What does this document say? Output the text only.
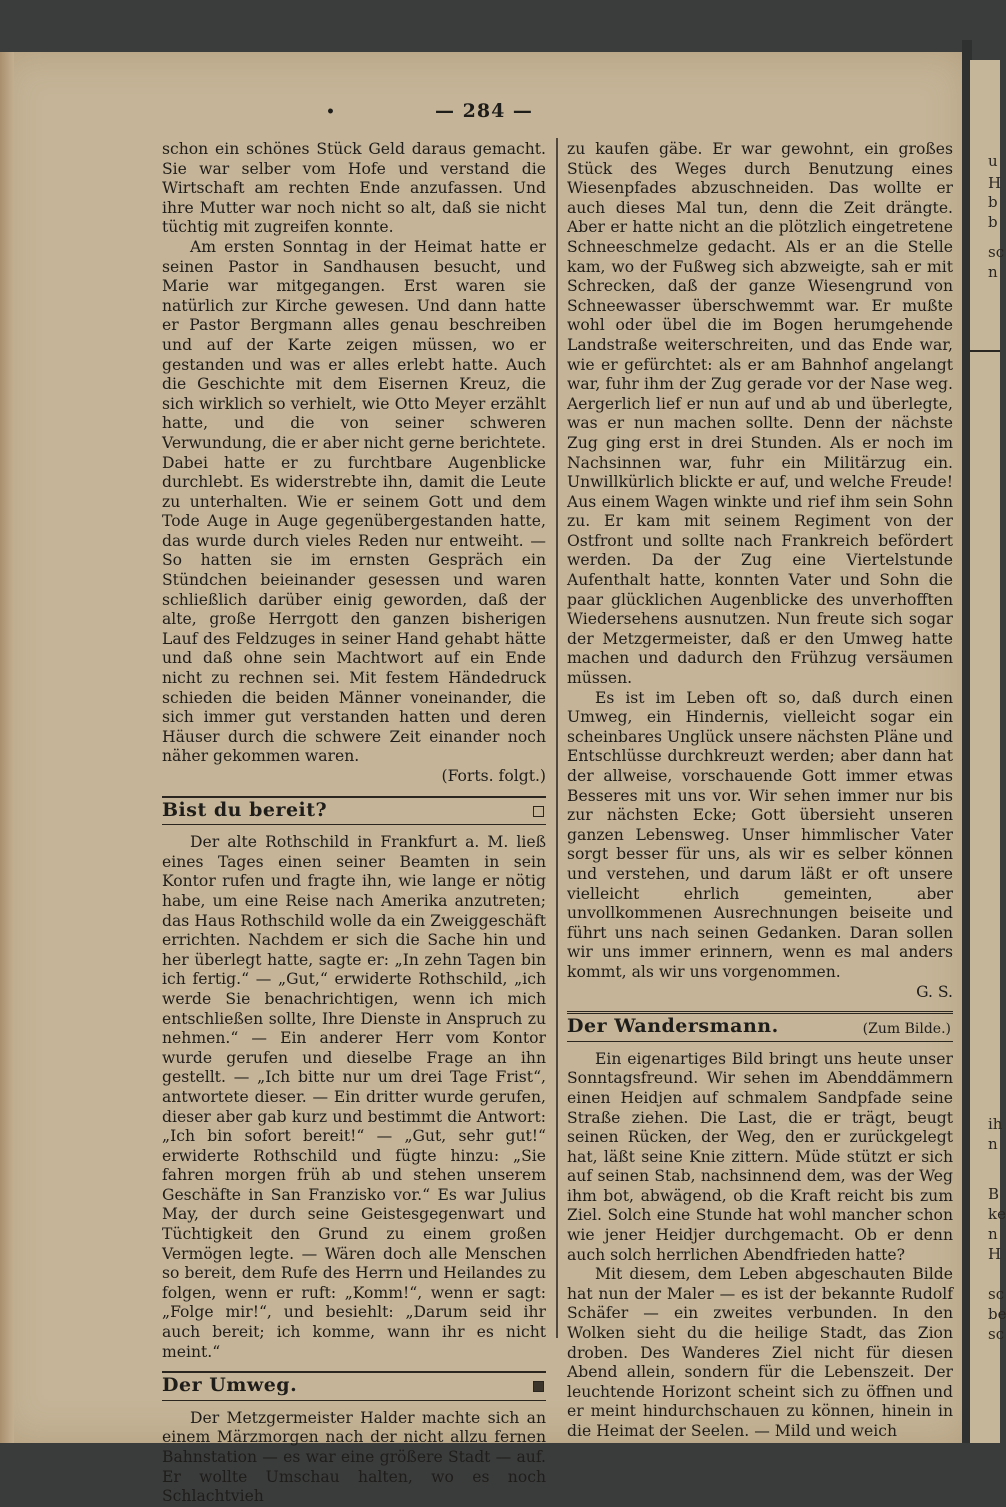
u
H
b
b
sc
n
ih
n
B
ke
n
H
sc
be
sc
•	— 284 —

schon ein schönes Stück Geld daraus gemacht. Sie war selber vom Hofe und verstand die Wirtschaft am rechten Ende anzufassen. Und ihre Mutter war noch nicht so alt, daß sie nicht tüchtig mit zugreifen konnte.

Am ersten Sonntag in der Heimat hatte er seinen Pastor in Sandhausen besucht, und Marie war mitgegangen. Erst waren sie natürlich zur Kirche gewesen. Und dann hatte er Pastor Bergmann alles genau beschreiben und auf der Karte zeigen müssen, wo er gestanden und was er alles erlebt hatte. Auch die Geschichte mit dem Eisernen Kreuz, die sich wirklich so verhielt, wie Otto Meyer erzählt hatte, und die von seiner schweren Verwundung, die er aber nicht gerne berichtete. Dabei hatte er zu furchtbare Augenblicke durchlebt. Es widerstrebte ihn, damit die Leute zu unterhalten. Wie er seinem Gott und dem Tode Auge in Auge gegenübergestanden hatte, das wurde durch vieles Reden nur entweiht. — So hatten sie im ernsten Gespräch ein Stündchen beieinander gesessen und waren schließlich darüber einig geworden, daß der alte, große Herrgott den ganzen bisherigen Lauf des Feldzuges in seiner Hand gehabt hätte und daß ohne sein Machtwort auf ein Ende nicht zu rechnen sei. Mit festem Händedruck schieden die beiden Männer voneinander, die sich immer gut verstanden hatten und deren Häuser durch die schwere Zeit einander noch näher gekommen waren.

(Forts. folgt.)

Bist du bereit?

Der alte Rothschild in Frankfurt a. M. ließ eines Tages einen seiner Beamten in sein Kontor rufen und fragte ihn, wie lange er nötig habe, um eine Reise nach Amerika anzutreten; das Haus Rothschild wolle da ein Zweiggeschäft errichten. Nachdem er sich die Sache hin und her überlegt hatte, sagte er: „In zehn Tagen bin ich fertig.“ — „Gut,“ erwiderte Rothschild, „ich werde Sie benachrichtigen, wenn ich mich entschließen sollte, Ihre Dienste in Anspruch zu nehmen.“ — Ein anderer Herr vom Kontor wurde gerufen und dieselbe Frage an ihn gestellt. — „Ich bitte nur um drei Tage Frist“, antwortete dieser. — Ein dritter wurde gerufen, dieser aber gab kurz und bestimmt die Antwort: „Ich bin sofort bereit!“ — „Gut, sehr gut!“ erwiderte Rothschild und fügte hinzu: „Sie fahren morgen früh ab und stehen unserem Geschäfte in San Franzisko vor.“ Es war Julius May, der durch seine Geistesgegenwart und Tüchtigkeit den Grund zu einem großen Vermögen legte. — Wären doch alle Menschen so bereit, dem Rufe des Herrn und Heilandes zu folgen, wenn er ruft: „Komm!“, wenn er sagt: „Folge mir!“, und besiehlt: „Darum seid ihr auch bereit; ich komme, wann ihr es nicht meint.“

Der Umweg.

Der Metzgermeister Halder machte sich an einem Märzmorgen nach der nicht allzu fernen Bahnstation — es war eine größere Stadt — auf. Er wollte Umschau halten, wo es noch Schlachtvieh

zu kaufen gäbe. Er war gewohnt, ein großes Stück des Weges durch Benutzung eines Wiesenpfades abzuschneiden. Das wollte er auch dieses Mal tun, denn die Zeit drängte. Aber er hatte nicht an die plötzlich eingetretene Schneeschmelze gedacht. Als er an die Stelle kam, wo der Fußweg sich abzweigte, sah er mit Schrecken, daß der ganze Wiesengrund von Schneewasser überschwemmt war. Er mußte wohl oder übel die im Bogen herumgehende Landstraße weiterschreiten, und das Ende war, wie er gefürchtet: als er am Bahnhof angelangt war, fuhr ihm der Zug gerade vor der Nase weg. Aergerlich lief er nun auf und ab und überlegte, was er nun machen sollte. Denn der nächste Zug ging erst in drei Stunden. Als er noch im Nachsinnen war, fuhr ein Militärzug ein. Unwillkürlich blickte er auf, und welche Freude! Aus einem Wagen winkte und rief ihm sein Sohn zu. Er kam mit seinem Regiment von der Ostfront und sollte nach Frankreich befördert werden. Da der Zug eine Viertelstunde Aufenthalt hatte, konnten Vater und Sohn die paar glücklichen Augenblicke des unverhofften Wiedersehens ausnutzen. Nun freute sich sogar der Metzgermeister, daß er den Umweg hatte machen und dadurch den Frühzug versäumen müssen.

Es ist im Leben oft so, daß durch einen Umweg, ein Hindernis, vielleicht sogar ein scheinbares Unglück unsere nächsten Pläne und Entschlüsse durchkreuzt werden; aber dann hat der allweise, vorschauende Gott immer etwas Besseres mit uns vor. Wir sehen immer nur bis zur nächsten Ecke; Gott übersieht unseren ganzen Lebensweg. Unser himmlischer Vater sorgt besser für uns, als wir es selber können und verstehen, und darum läßt er oft unsere vielleicht ehrlich gemeinten, aber unvollkommenen Ausrechnungen beiseite und führt uns nach seinen Gedanken. Daran sollen wir uns immer erinnern, wenn es mal anders kommt, als wir uns vorgenommen.

G. S.

Der Wandersmann.	(Zum Bilde.)

Ein eigenartiges Bild bringt uns heute unser Sonntagsfreund. Wir sehen im Abenddämmern einen Heidjen auf schmalem Sandpfade seine Straße ziehen. Die Last, die er trägt, beugt seinen Rücken, der Weg, den er zurückgelegt hat, läßt seine Knie zittern. Müde stützt er sich auf seinen Stab, nachsinnend dem, was der Weg ihm bot, abwägend, ob die Kraft reicht bis zum Ziel. Solch eine Stunde hat wohl mancher schon wie jener Heidjer durchgemacht. Ob er denn auch solch herrlichen Abendfrieden hatte?

Mit diesem, dem Leben abgeschauten Bilde hat nun der Maler — es ist der bekannte Rudolf Schäfer — ein zweites verbunden. In den Wolken sieht du die heilige Stadt, das Zion droben. Des Wanderes Ziel nicht für diesen Abend allein, sondern für die Lebenszeit. Der leuchtende Horizont scheint sich zu öffnen und er meint hindurchschauen zu können, hinein in die Heimat der Seelen. — Mild und weich
